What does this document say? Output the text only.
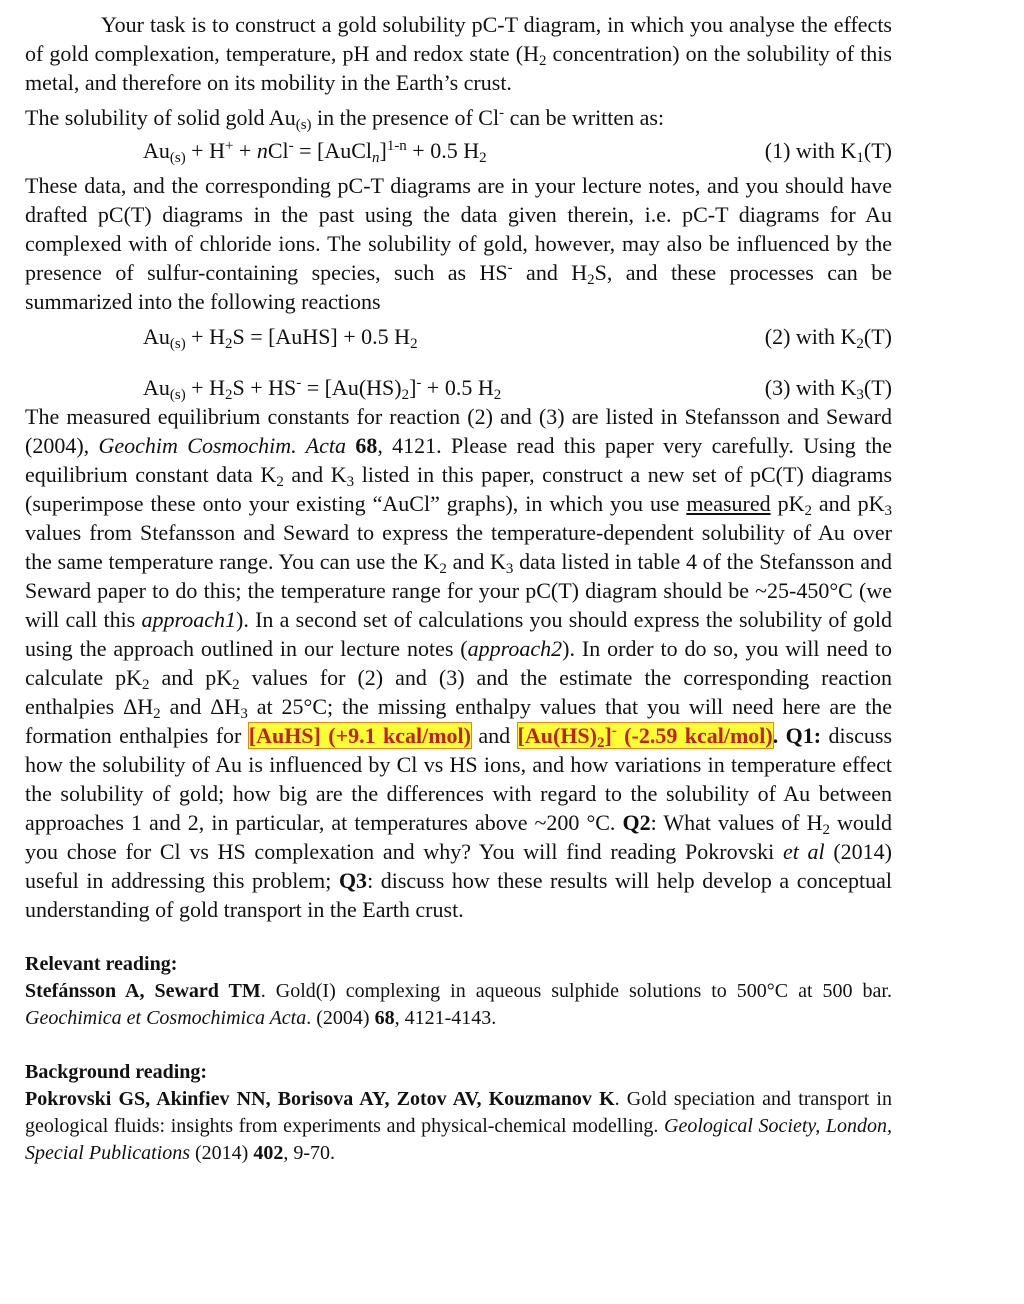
Your task is to construct a gold solubility pC-T diagram, in which you analyse the effects of gold complexation, temperature, pH and redox state ($H_2$ concentration) on the solubility of this metal, and therefore on its mobility in the Earth’s crust.

The solubility of solid gold $Au_{(s)}$ in the presence of Cl- can be written as:

$Au_{(s)} + H^+ + nCl^-$ = [AuCl$_n$]$^{1-n}$ + 0.5 $H_2$	(1) with $K_1(T)$

These data, and the corresponding pC-T diagrams are in your lecture notes, and you should have drafted pC(T) diagrams in the past using the data given therein, i.e. pC-T diagrams for Au complexed with of chloride ions. The solubility of gold, however, may also be influenced by the presence of sulfur-containing species, such as HS- and $H_2S$, and these processes can be summarized into the following reactions

$Au_{(s)} + H_2S$ = [AuHS] + 0.5 $H_2$	(2) with $K_2(T)$
$Au_{(s)} + H_2S + HS^- = [Au(HS)_2]^- + 0.5$ $H_2$	(3) with $K_3(T)$

The measured equilibrium constants for reaction (2) and (3) are listed in Stefansson and Seward (2004), Geochim Cosmochim. Acta 68, 4121. Please read this paper very carefully. Using the equilibrium constant data $K_2$ and $K_3$ listed in this paper, construct a new set of pC(T) diagrams (superimpose these onto your existing “AuCl” graphs), in which you use measured $pK_2$ and $pK_3$ values from Stefansson and Seward to express the temperature-dependent solubility of Au over the same temperature range. You can use the $K_2$ and $K_3$ data listed in table 4 of the Stefansson and Seward paper to do this; the temperature range for your pC(T) diagram should be ~25-450°C (we will call this approach1). In a second set of calculations you should express the solubility of gold using the approach outlined in our lecture notes (approach2). In order to do so, you will need to calculate $pK_2$ and $pK_2$ values for (2) and (3) and the estimate the corresponding reaction enthalpies $\Delta H_2$ and $\Delta H_3$ at 25°C; the missing enthalpy values that you will need here are the formation enthalpies for [AuHS] (+9.1 kcal/mol) and $[Au(HS)_2]^-$ (-2.59 kcal/mol). Q1: discuss how the solubility of Au is influenced by Cl vs HS ions, and how variations in temperature effect the solubility of gold; how big are the differences with regard to the solubility of Au between approaches 1 and 2, in particular, at temperatures above ~200 °C. Q2: What values of $H_2$ would you chose for Cl vs HS complexation and why? You will find reading Pokrovski et al (2014) useful in addressing this problem; Q3: discuss how these results will help develop a conceptual understanding of gold transport in the Earth crust.

Relevant reading:

Stefánsson A, Seward TM. Gold(I) complexing in aqueous sulphide solutions to 500°C at 500 bar. Geochimica et Cosmochimica Acta. (2004) 68, 4121-4143.

Background reading:

Pokrovski GS, Akinfiev NN, Borisova AY, Zotov AV, Kouzmanov K. Gold speciation and transport in geological fluids: insights from experiments and physical-chemical modelling. Geological Society, London, Special Publications (2014) 402, 9-70.
